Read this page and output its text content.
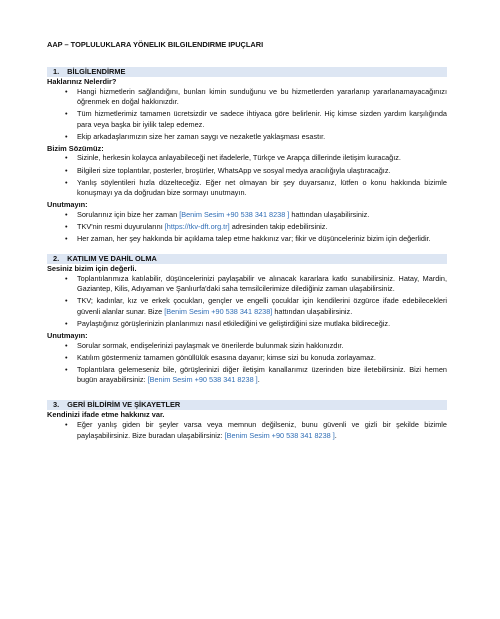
AAP – TOPLULUKLARA YÖNELIK BILGILENDIRME IPUÇLARI
1. BİLGİLENDİRME
Haklarınız Nelerdir?
• Hangi hizmetlerin sağlandığını, bunları kimin sunduğunu ve bu hizmetlerden yararlanıp yararlanamayacağınızı öğrenmek en doğal hakkınızdır.
• Tüm hizmetlerimiz tamamen ücretsizdir ve sadece ihtiyaca göre belirlenir. Hiç kimse sizden yardım karşılığında para veya başka bir iyilik talep edemez.
• Ekip arkadaşlarımızın size her zaman saygı ve nezaketle yaklaşması esastır.
Bizim Sözümüz:
• Sizinle, herkesin kolayca anlayabileceği net ifadelerle, Türkçe ve Arapça dillerinde iletişim kuracağız.
• Bilgileri size toplantılar, posterler, broşürler, WhatsApp ve sosyal medya aracılığıyla ulaştıracağız.
• Yanlış söylentileri hızla düzelteceğiz. Eğer net olmayan bir şey duyarsanız, lütfen o konu hakkında bizimle konuşmayı ya da doğrudan bize sormayı unutmayın.
Unutmayın:
• Sorularınız için bize her zaman [Benim Sesim +90 538 341 8238 ] hattından ulaşabilirsiniz.
• TKV'nin resmi duyurularını [https://tkv-dft.org.tr] adresinden takip edebilirsiniz.
• Her zaman, her şey hakkında bir açıklama talep etme hakkınız var; fikir ve düşünceleriniz bizim için değerlidir.
2. KATILIM VE DAHİL OLMA
Sesiniz bizim için değerli.
• Toplantılarımıza katılabilir, düşüncelerinizi paylaşabilir ve alınacak kararlara katkı sunabilirsiniz. Hatay, Mardin, Gaziantep, Kilis, Adıyaman ve Şanlıurfa'daki saha temsilcilerimize dilediğiniz zaman ulaşabilirsiniz.
• TKV; kadınlar, kız ve erkek çocukları, gençler ve engelli çocuklar için kendilerini özgürce ifade edebilecekleri güvenli alanlar sunar. Bize [Benim Sesim +90 538 341 8238] hattından ulaşabilirsiniz.
• Paylaştığınız görüşlerinizin planlarımızı nasıl etkilediğini ve geliştirdiğini size mutlaka bildireceğiz.
Unutmayın:
• Sorular sormak, endişelerinizi paylaşmak ve önerilerde bulunmak sizin hakkınızdır.
• Katılım göstermeniz tamamen gönüllülük esasına dayanır; kimse sizi bu konuda zorlayamaz.
• Toplantılara gelemeseniz bile, görüşlerinizi diğer iletişim kanallarımız üzerinden bize iletebilirsiniz. Bizi hemen bugün arayabilirsiniz: [Benim Sesim +90 538 341 8238 ].
3. GERİ BİLDİRİM VE ŞİKAYETLER
Kendinizi ifade etme hakkınız var.
• Eğer yanlış giden bir şeyler varsa veya memnun değilseniz, bunu güvenli ve gizli bir şekilde bizimle paylaşabilirsiniz. Bize buradan ulaşabilirsiniz: [Benim Sesim +90 538 341 8238 ].
